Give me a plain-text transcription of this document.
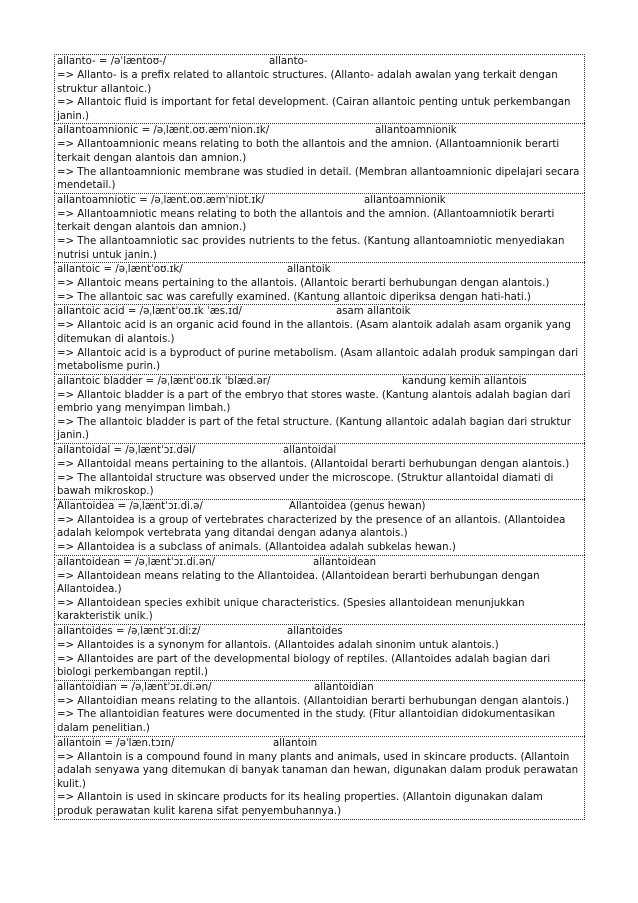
allanto- = /əˈlæntoʊ-/	allanto-
=> Allanto- is a prefix related to allantoic structures. (Allanto- adalah awalan yang terkait dengan struktur allantoic.)
=> Allantoic fluid is important for fetal development. (Cairan allantoic penting untuk perkembangan janin.)
allantoamnionic = /əˌlænt.oʊ.æmˈnion.ɪk/	allantoamnionik
=> Allantoamnionic means relating to both the allantois and the amnion. (Allantoamnionik berarti terkait dengan alantois dan amnion.)
=> The allantoamnionic membrane was studied in detail. (Membran allantoamnionic dipelajari secara mendetail.)
allantoamniotic = /əˌlænt.oʊ.æmˈniɒt.ɪk/	allantoamnionik
=> Allantoamniotic means relating to both the allantois and the amnion. (Allantoamniotik berarti terkait dengan alantois dan amnion.)
=> The allantoamniotic sac provides nutrients to the fetus. (Kantung allantoamniotic menyediakan nutrisi untuk janin.)
allantoic = /əˌlæntˈoʊ.ɪk/	allantoik
=> Allantoic means pertaining to the allantois. (Allantoic berarti berhubungan dengan alantois.)
=> The allantoic sac was carefully examined. (Kantung allantoic diperiksa dengan hati-hati.)
allantoic acid = /əˌlæntˈoʊ.ɪk ˈæs.ɪd/	asam allantoik
=> Allantoic acid is an organic acid found in the allantois. (Asam alantoik adalah asam organik yang ditemukan di alantois.)
=> Allantoic acid is a byproduct of purine metabolism. (Asam allantoic adalah produk sampingan dari metabolisme purin.)
allantoic bladder = /əˌlæntˈoʊ.ɪk ˈblæd.ər/	kandung kemih allantois
=> Allantoic bladder is a part of the embryo that stores waste. (Kantung alantois adalah bagian dari embrio yang menyimpan limbah.)
=> The allantoic bladder is part of the fetal structure. (Kantung allantoic adalah bagian dari struktur janin.)
allantoidal = /əˌlæntˈɔɪ.dəl/	allantoidal
=> Allantoidal means pertaining to the allantois. (Allantoidal berarti berhubungan dengan alantois.)
=> The allantoidal structure was observed under the microscope. (Struktur allantoidal diamati di bawah mikroskop.)
Allantoidea = /əˌlæntˈɔɪ.di.ə/	Allantoidea (genus hewan)
=> Allantoidea is a group of vertebrates characterized by the presence of an allantois. (Allantoidea adalah kelompok vertebrata yang ditandai dengan adanya alantois.)
=> Allantoidea is a subclass of animals. (Allantoidea adalah subkelas hewan.)
allantoidean = /əˌlæntˈɔɪ.di.ən/	allantoidean
=> Allantoidean means relating to the Allantoidea. (Allantoidean berarti berhubungan dengan Allantoidea.)
=> Allantoidean species exhibit unique characteristics. (Spesies allantoidean menunjukkan karakteristik unik.)
allantoides = /əˌlæntˈɔɪ.diːz/	allantoides
=> Allantoides is a synonym for allantois. (Allantoides adalah sinonim untuk alantois.)
=> Allantoides are part of the developmental biology of reptiles. (Allantoides adalah bagian dari biologi perkembangan reptil.)
allantoidian = /əˌlæntˈɔɪ.di.ən/	allantoidian
=> Allantoidian means relating to the allantois. (Allantoidian berarti berhubungan dengan alantois.)
=> The allantoidian features were documented in the study. (Fitur allantoidian didokumentasikan dalam penelitian.)
allantoin = /əˈlæn.tɔɪn/	allantoin
=> Allantoin is a compound found in many plants and animals, used in skincare products. (Allantoin adalah senyawa yang ditemukan di banyak tanaman dan hewan, digunakan dalam produk perawatan kulit.)
=> Allantoin is used in skincare products for its healing properties. (Allantoin digunakan dalam produk perawatan kulit karena sifat penyembuhannya.)
